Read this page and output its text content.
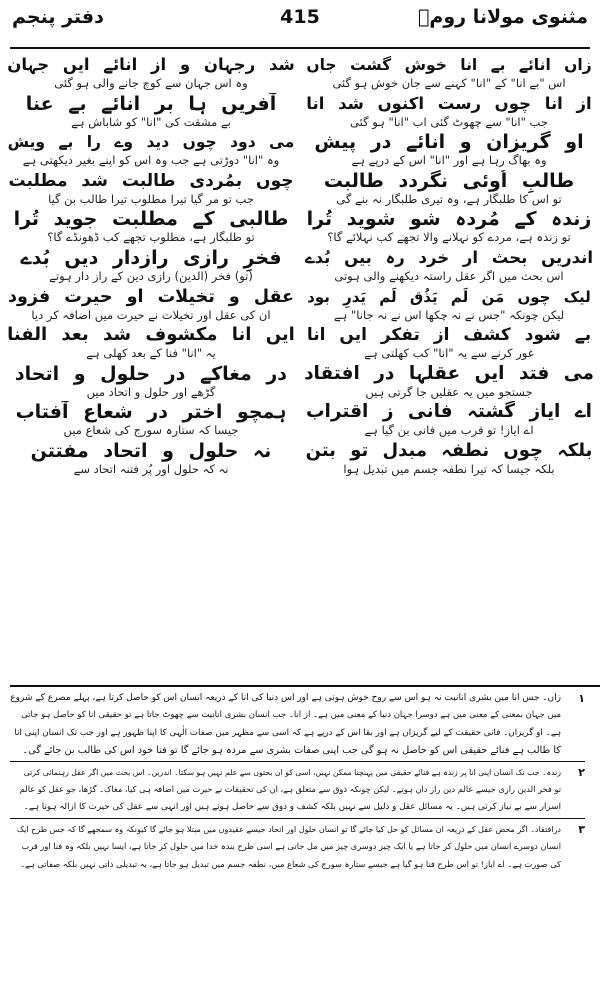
مثنوی مولانا رومؒ
415
دفتر پنجم
زاں انائے بے انا خوش گشت جاں
اس "بے انا" کے "انا" کہنے سے جان خوش ہو گئی
از انا چوں رست اکنوں شد انا
جب "انا" سے چھوٹ گئی اب "انا" ہو گئی
او گریزان و انائے در پیش
وہ بھاگ رہا ہے اور "انا" اس کے درپے ہے
طالبِ اُوئی نگردد طالبت
تو اس کا طلبگار ہے، وہ تیری طلبگار نہ بنے گی
زندہ کے مُردہ شو شوید تُرا
تو زندہ ہے، مردے کو نہلانے والا تجھے کب نہلائے گا؟
اندریں بحث ار خرد رہ بیں بُدے
اس بحث میں اگر عقل راستہ دیکھنے والی ہوتی
لیک چوں مَن لَم یَذُق لَم یَدرِ بود
لیکن چونکہ "جس نے نہ چکھا اس نے نہ جانا" ہے
بے شود کشف از تفکر ایں انا
غور کرنے سے یہ "انا" کب کھلتی ہے
می فتد ایں عقلہا در افتقاد
جستجو میں یہ عقلیں جا گرتی ہیں
اے ایاز گشتہ فانی ز اقتراب
اے ایاز! تو قرب میں فانی بن گیا ہے
بلکہ چوں نطفہ مبدل تو بتن
بلکہ جیسا کہ تیرا نطفہ جسم میں تبدیل ہوا
شد رجہان و از انائے ایں جہان
وہ اس جہان سے کوچ جانے والی ہو گئی
آفریں ہا بر انائے بے عنا
بے مشقت کی "انا" کو شاباش ہے
می دود چوں دید وے را بے ویش
وہ "انا" دوڑتی ہے جب وہ اس کو اپنے بغیر دیکھتی ہے
چوں بمُردی طالبت شد مطلبت
جب تو مر گیا تیرا مطلوب تیرا طالب بن گیا
طالبی کے مطلبت جوید تُرا
تو طلبگار ہے، مطلوب تجھے کب ڈھونڈے گا؟
فخرِ رازی رازدار دیں بُدے
(تو) فخر (الدین) رازی دین کے راز دار ہوتے
عقل و تخیلات او حیرت فزود
ان کی عقل اور تخیلات نے حیرت میں اضافہ کر دیا
ایں انا مکشوف شد بعد الفنا
یہ "انا" فنا کے بعد کھلی ہے
در مغاکے در حلول و اتحاد
گڑھے اور حلول و اتحاد میں
ہمچو اختر در شعاع آفتاب
جیسا کہ ستارہ سورج کی شعاع میں
نہ حلول و اتحاد مفتتن
نہ کہ حلول اور پُر فتنہ اتحاد سے
۱
زاں۔ جس انا میں بشری انانیت نہ ہو اس سے روح خوش ہوتی ہے اور اس دنیا کی انا کے ذریعہ انسان اس کو حاصل کرتا ہے، پہلے مصرع کے شروع
میں جہان بمعنی کے معنی میں ہے دوسرا جہان دنیا کے معنی میں ہے۔ از انا۔ جب انسان بشری انانیت سے چھوٹ جاتا ہے تو حقیقی انا کو حاصل ہو جاتی
ہے۔ او گریزاں۔ فانی حقیقت کے لیے گریزاں ہے اور بقا اس کے درپے ہے کہ اسی سے مظہر میں صفات الٰہی کا اپنا ظہور ہے اور جب تک انسان اپنی انا
کا طالب ہے فنائے حقیقی اس کو حاصل نہ ہو گی جب اپنی صفات بشری سے مردہ ہو جائے گا تو فنا خود اس کی طالب بن جائے گی۔
۲
زندہ۔ جب تک انسان اپنی انا پر زندہ ہے فنائے حقیقی میں پہنچنا ممکن نہیں، اسی کو ان بحثوں سے علم نہیں ہو سکتا۔ اندریں۔ اس بحث میں اگر عقل رہنمائی کرتی
تو فخر الدین رازی جیسے عالم دین راز دان ہوتے۔ لیکن چونکہ ذوق سے متعلق ہے، ان کی تحقیقات نے حیرت میں اضافہ ہی کیا، مغاک۔ گڑھا، جو عقل کو عالم
اسرار سے بے نیاز کرتی ہیں۔ یہ مسائل عقل و دلیل سے نہیں بلکہ کشف و ذوق سے حاصل ہوتے ہیں اور انہی سے عقل کی حیرت کا ازالہ ہوتا ہے۔
۳
درافتقاد۔ اگر محض عقل کے ذریعہ ان مسائل کو حل کیا جائے گا تو انسان حلول اور اتحاد جیسے عقیدوں میں مبتلا ہو جائے گا کیونکہ وہ سمجھے گا کہ جس طرح ایک
انسان دوسرے انسان میں حلول کر جاتا ہے یا ایک چیز دوسری چیز میں مل جاتی ہے اسی طرح بندہ خدا میں حلول کر جاتا ہے، ایسا نہیں بلکہ وہ فنا اور قرب
کی صورت ہے۔ اے ایاز! تو اس طرح فنا ہو گیا ہے جیسے ستارہ سورج کی شعاع میں، نطفہ جسم میں تبدیل ہو جاتا ہے، یہ تبدیلی ذاتی نہیں بلکہ صفاتی ہے۔
